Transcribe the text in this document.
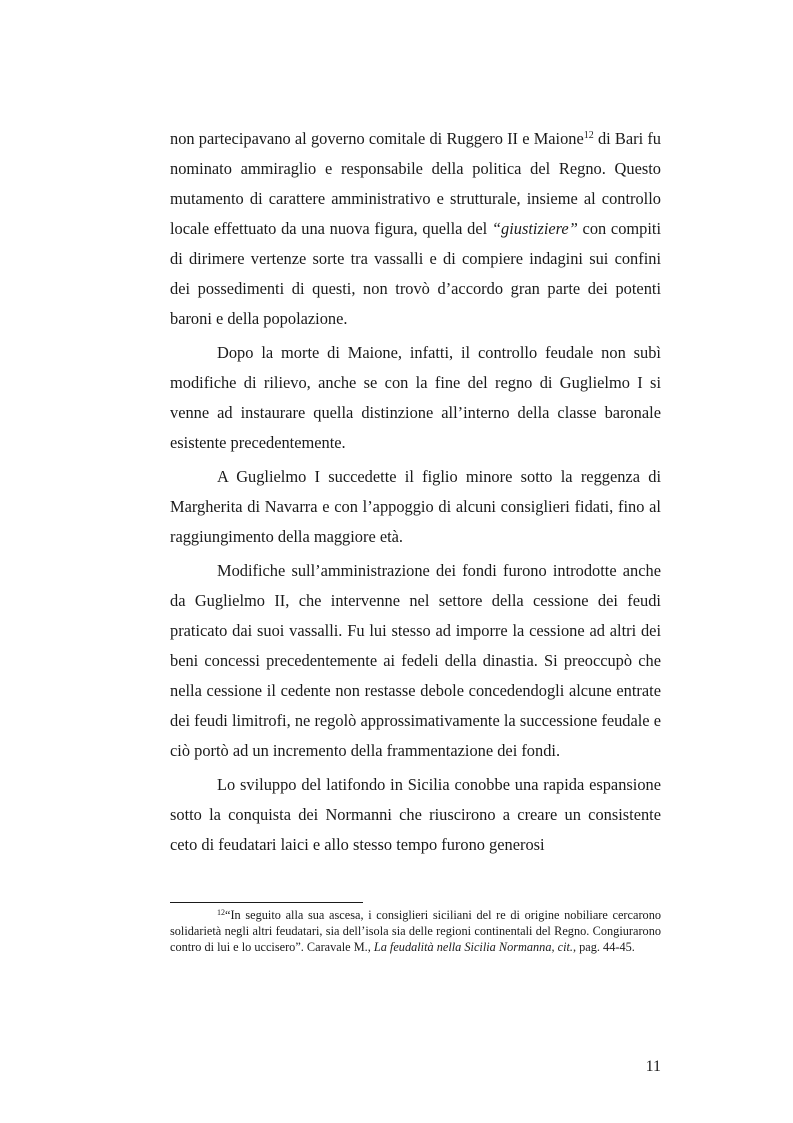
non partecipavano al governo comitale di Ruggero II e Maione$^{12}$ di Bari fu nominato ammiraglio e responsabile della politica del Regno. Questo mutamento di carattere amministrativo e strutturale, insieme al controllo locale effettuato da una nuova figura, quella del “giustiziere” con compiti di dirimere vertenze sorte tra vassalli e di compiere indagini sui confini dei possedimenti di questi, non trovò d’accordo gran parte dei potenti baroni e della popolazione.

Dopo la morte di Maione, infatti, il controllo feudale non subì modifiche di rilievo, anche se con la fine del regno di Guglielmo I si venne ad instaurare quella distinzione all’interno della classe baronale esistente precedentemente.

A Guglielmo I succedette il figlio minore sotto la reggenza di Margherita di Navarra e con l’appoggio di alcuni consiglieri fidati, fino al raggiungimento della maggiore età.

Modifiche sull’amministrazione dei fondi furono introdotte anche da Guglielmo II, che intervenne nel settore della cessione dei feudi praticato dai suoi vassalli. Fu lui stesso ad imporre la cessione ad altri dei beni concessi precedentemente ai fedeli della dinastia. Si preoccupò che nella cessione il cedente non restasse debole concedendogli alcune entrate dei feudi limitrofi, ne regolò approssimativamente la successione feudale e ciò portò ad un incremento della frammentazione dei fondi.

Lo sviluppo del latifondo in Sicilia conobbe una rapida espansione sotto la conquista dei Normanni che riuscirono a creare un consistente ceto di feudatari laici e allo stesso tempo furono generosi

$^{12}$“In seguito alla sua ascesa, i consiglieri siciliani del re di origine nobiliare cercarono solidarietà negli altri feudatari, sia dell’isola sia delle regioni continentali del Regno. Congiurarono contro di lui e lo uccisero”. Caravale M., La feudalità nella Sicilia Normanna, cit., pag. 44-45.

11
